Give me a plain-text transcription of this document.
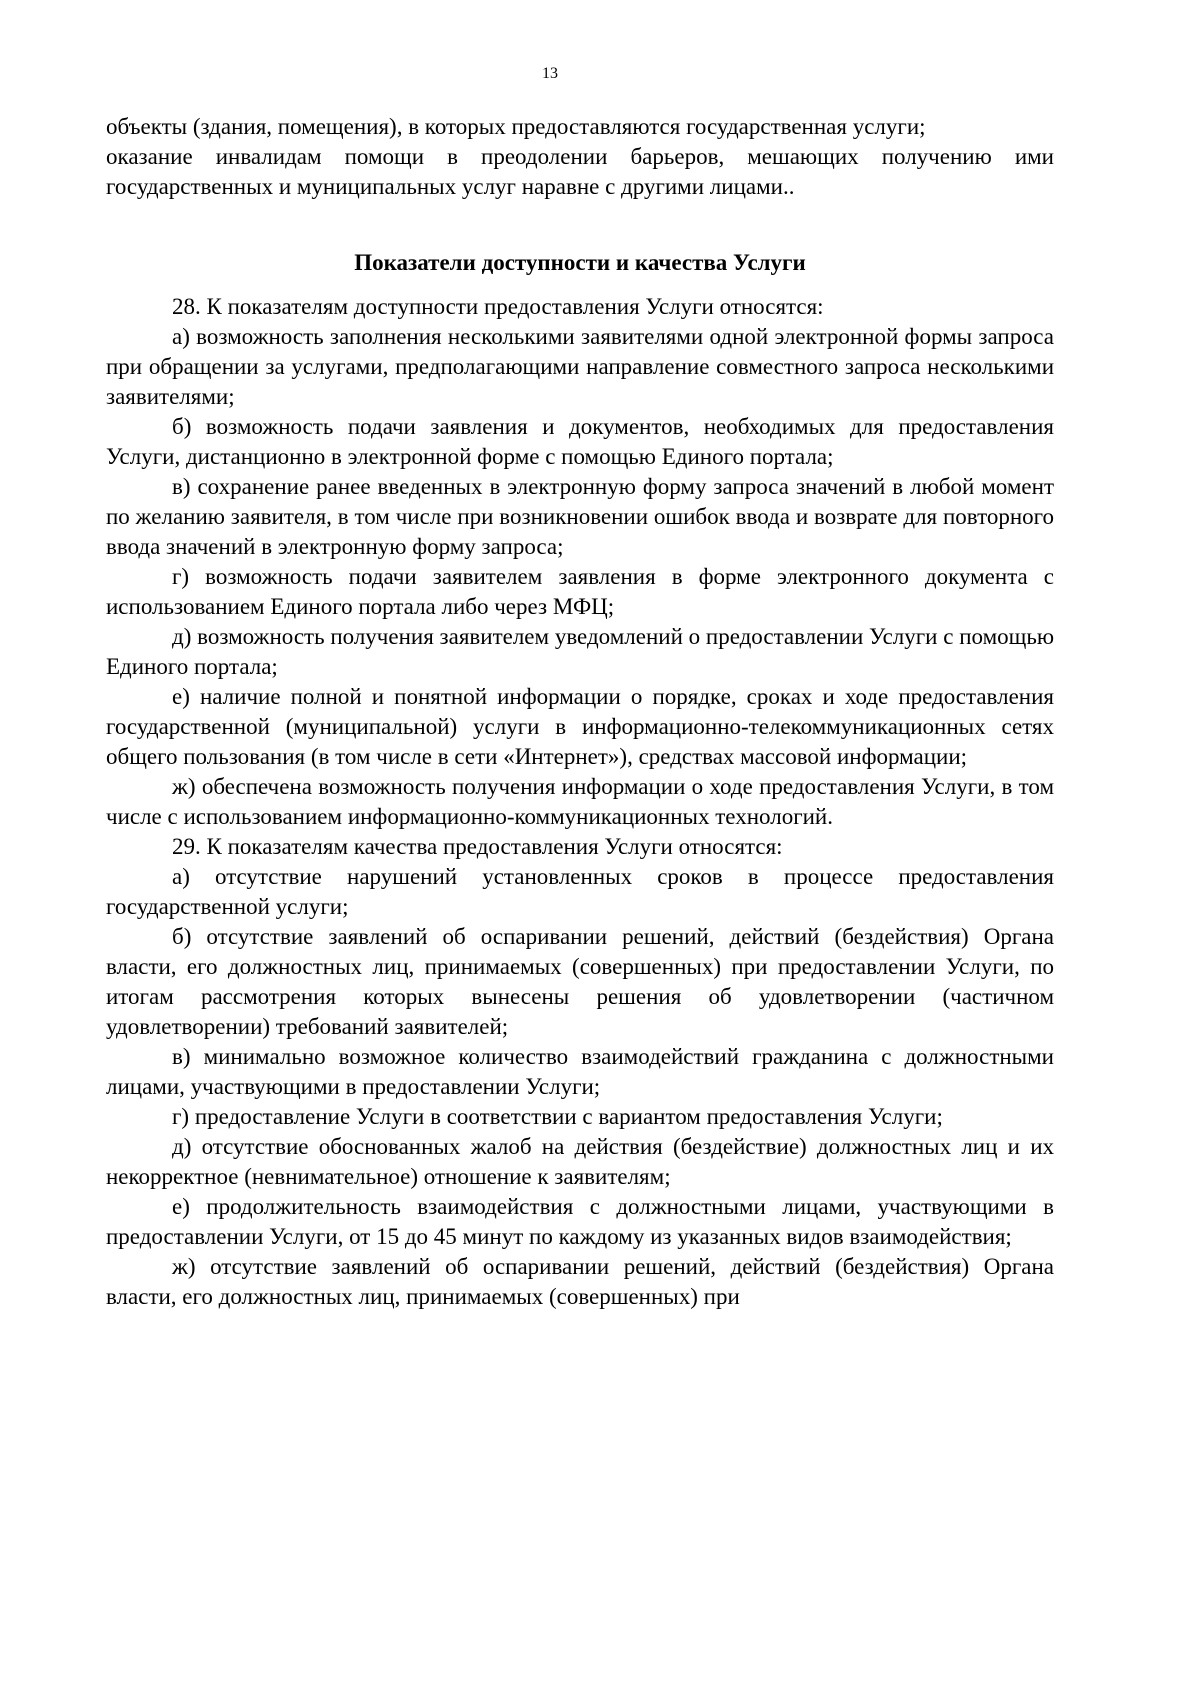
13

объекты (здания, помещения), в которых предоставляются государственная услуги;

оказание инвалидам помощи в преодолении барьеров, мешающих получению ими государственных и муниципальных услуг наравне с другими лицами..

Показатели доступности и качества Услуги

28. К показателям доступности предоставления Услуги относятся:

а) возможность заполнения несколькими заявителями одной электронной формы запроса при обращении за услугами, предполагающими направление совместного запроса несколькими заявителями;

б) возможность подачи заявления и документов, необходимых для предоставления Услуги, дистанционно в электронной форме с помощью Единого портала;

в) сохранение ранее введенных в электронную форму запроса значений в любой момент по желанию заявителя, в том числе при возникновении ошибок ввода и возврате для повторного ввода значений в электронную форму запроса;

г) возможность подачи заявителем заявления в форме электронного документа с использованием Единого портала либо через МФЦ;

д) возможность получения заявителем уведомлений о предоставлении Услуги с помощью Единого портала;

е) наличие полной и понятной информации о порядке, сроках и ходе предоставления государственной (муниципальной) услуги в информационно-телекоммуникационных сетях общего пользования (в том числе в сети «Интернет»), средствах массовой информации;

ж) обеспечена возможность получения информации о ходе предоставления Услуги, в том числе с использованием информационно-коммуникационных технологий.

29. К показателям качества предоставления Услуги относятся:

а) отсутствие нарушений установленных сроков в процессе предоставления государственной услуги;

б) отсутствие заявлений об оспаривании решений, действий (бездействия) Органа власти, его должностных лиц, принимаемых (совершенных) при предоставлении Услуги, по итогам рассмотрения которых вынесены решения об удовлетворении (частичном удовлетворении) требований заявителей;

в) минимально возможное количество взаимодействий гражданина с должностными лицами, участвующими в предоставлении Услуги;

г) предоставление Услуги в соответствии с вариантом предоставления Услуги;

д) отсутствие обоснованных жалоб на действия (бездействие) должностных лиц и их некорректное (невнимательное) отношение к заявителям;

е) продолжительность взаимодействия с должностными лицами, участвующими в предоставлении Услуги, от 15 до 45 минут по каждому из указанных видов взаимодействия;

ж) отсутствие заявлений об оспаривании решений, действий (бездействия) Органа власти, его должностных лиц, принимаемых (совершенных) при
